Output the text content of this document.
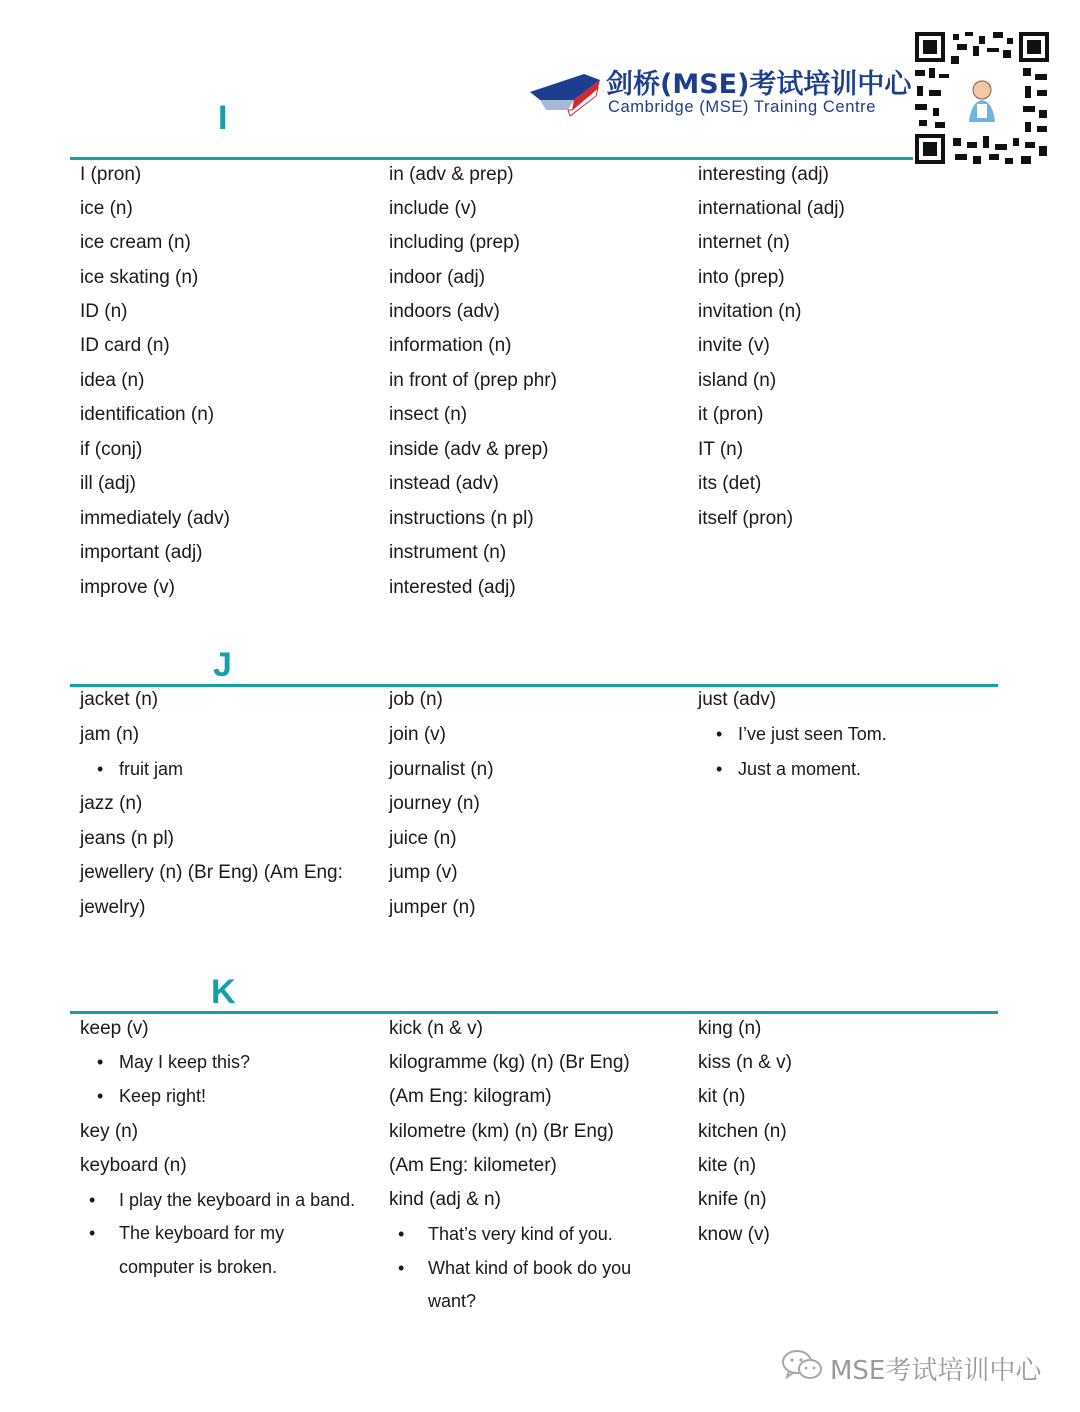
剑桥(MSE)考试培训中心
Cambridge (MSE) Training Centre
I
I (pron)
ice (n)
ice cream (n)
ice skating (n)
ID (n)
ID card (n)
idea (n)
identification (n)
if (conj)
ill (adj)
immediately (adv)
important (adj)
improve (v)
in (adv & prep)
include (v)
including (prep)
indoor (adj)
indoors (adv)
information (n)
in front of (prep phr)
insect (n)
inside (adv & prep)
instead (adv)
instructions (n pl)
instrument (n)
interested (adj)
interesting (adj)
international (adj)
internet (n)
into (prep)
invitation (n)
invite (v)
island (n)
it (pron)
IT (n)
its (det)
itself (pron)
J
jacket (n)
jam (n)
• fruit jam
jazz (n)
jeans (n pl)
jewellery (n) (Br Eng) (Am Eng:
jewelry)
job (n)
join (v)
journalist (n)
journey (n)
juice (n)
jump (v)
jumper (n)
just (adv)
• I’ve just seen Tom.
• Just a moment.
K
keep (v)
• May I keep this?
• Keep right!
key (n)
keyboard (n)
• I play the keyboard in a band.
• The keyboard for my
computer is broken.
kick (n & v)
kilogramme (kg) (n) (Br Eng)
(Am Eng: kilogram)
kilometre (km) (n) (Br Eng)
(Am Eng: kilometer)
kind (adj & n)
• That’s very kind of you.
• What kind of book do you
want?
king (n)
kiss (n & v)
kit (n)
kitchen (n)
kite (n)
knife (n)
know (v)
MSE考试培训中心
